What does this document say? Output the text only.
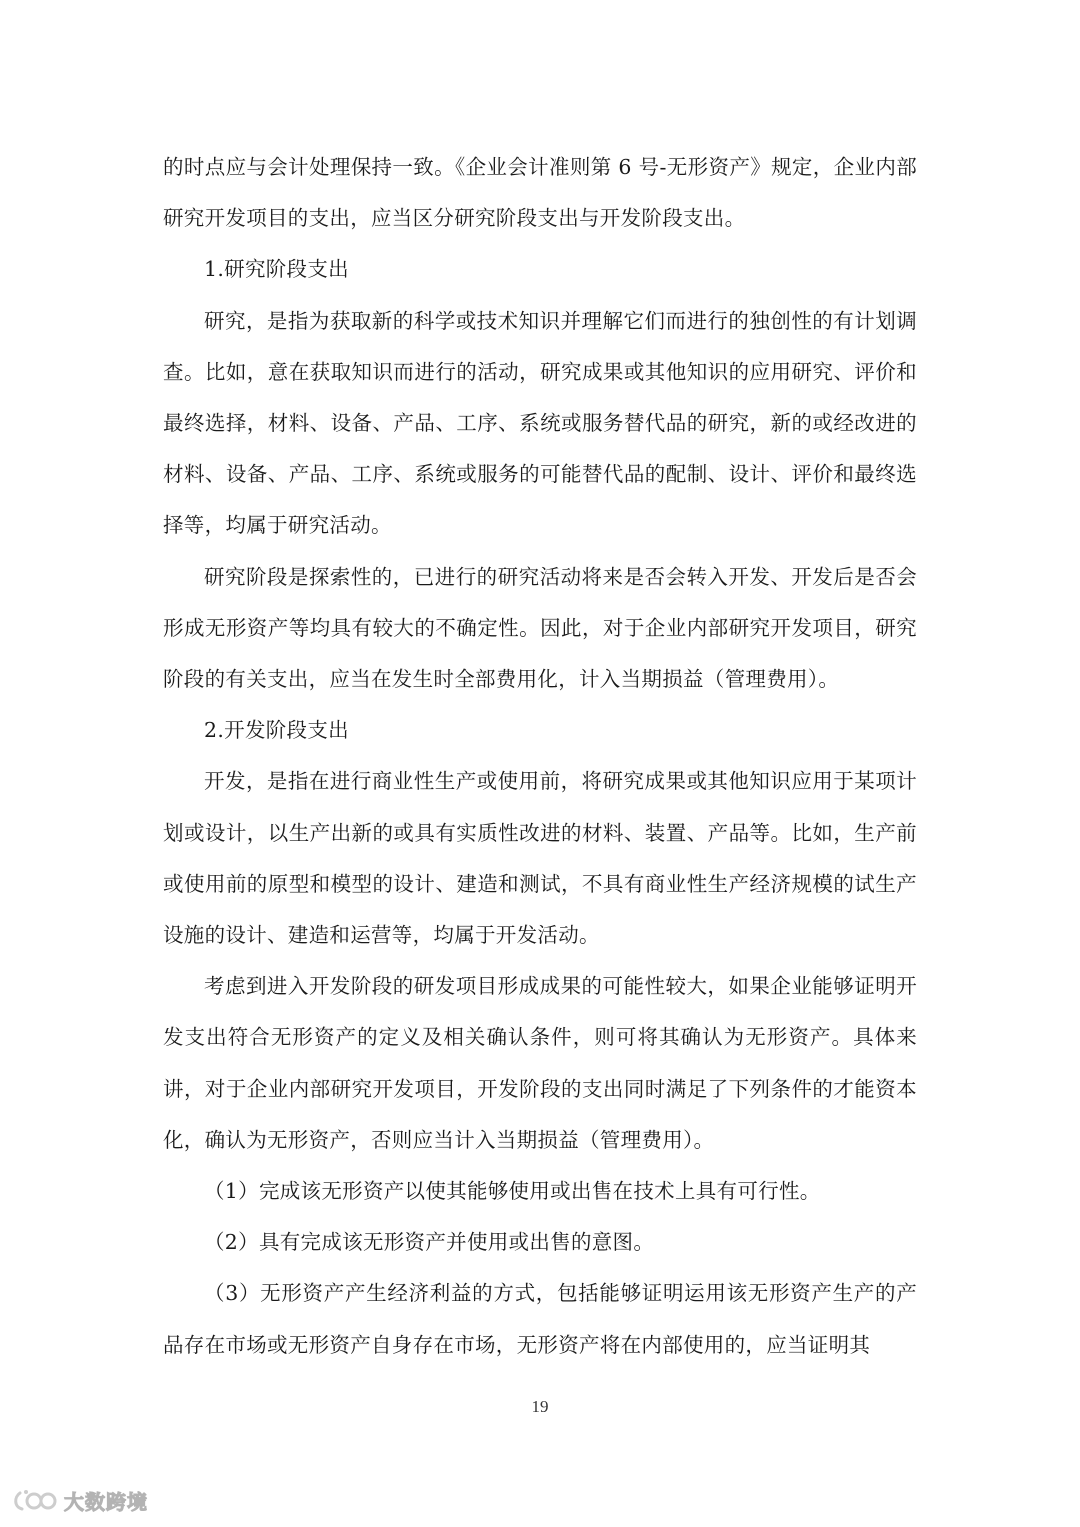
的时点应与会计处理保持一致。《企业会计准则第 6 号-无形资产》规定，企业内部研究开发项目的支出，应当区分研究阶段支出与开发阶段支出。

1.研究阶段支出

研究，是指为获取新的科学或技术知识并理解它们而进行的独创性的有计划调查。比如，意在获取知识而进行的活动，研究成果或其他知识的应用研究、评价和最终选择，材料、设备、产品、工序、系统或服务替代品的研究，新的或经改进的材料、设备、产品、工序、系统或服务的可能替代品的配制、设计、评价和最终选择等，均属于研究活动。

研究阶段是探索性的，已进行的研究活动将来是否会转入开发、开发后是否会形成无形资产等均具有较大的不确定性。因此，对于企业内部研究开发项目，研究阶段的有关支出，应当在发生时全部费用化，计入当期损益（管理费用）。

2.开发阶段支出

开发，是指在进行商业性生产或使用前，将研究成果或其他知识应用于某项计划或设计，以生产出新的或具有实质性改进的材料、装置、产品等。比如，生产前或使用前的原型和模型的设计、建造和测试，不具有商业性生产经济规模的试生产设施的设计、建造和运营等，均属于开发活动。

考虑到进入开发阶段的研发项目形成成果的可能性较大，如果企业能够证明开发支出符合无形资产的定义及相关确认条件，则可将其确认为无形资产。具体来讲，对于企业内部研究开发项目，开发阶段的支出同时满足了下列条件的才能资本化，确认为无形资产，否则应当计入当期损益（管理费用）。

（1）完成该无形资产以使其能够使用或出售在技术上具有可行性。

（2）具有完成该无形资产并使用或出售的意图。

（3）无形资产产生经济利益的方式，包括能够证明运用该无形资产生产的产品存在市场或无形资产自身存在市场，无形资产将在内部使用的，应当证明其

19
大数跨境
